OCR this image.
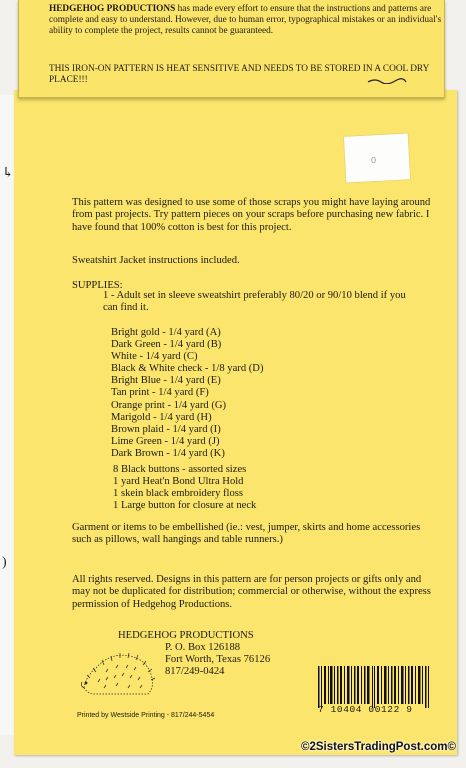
↳
)
HEDGEHOG PRODUCTIONS has made every effort to ensure that the instructions and patterns are complete and easy to understand. However, due to human error, typographical mistakes or an individual's ability to complete the project, results cannot be guaranteed.
THIS IRON-ON PATTERN IS HEAT SENSITIVE AND NEEDS TO BE STORED IN A COOL DRY PLACE!!!
0
This pattern was designed to use some of those scraps you might have laying around from past projects. Try pattern pieces on your scraps before purchasing new fabric. I have found that 100% cotton is best for this project.
Sweatshirt Jacket instructions included.
SUPPLIES:
1 - Adult set in sleeve sweatshirt preferably 80/20 or 90/10 blend if you can find it.
Bright gold - 1/4 yard (A)
Dark Green - 1/4 yard (B)
White - 1/4 yard (C)
Black & White check - 1/8 yard (D)
Bright Blue - 1/4 yard (E)
Tan print - 1/4 yard (F)
Orange print - 1/4 yard (G)
Marigold - 1/4 yard (H)
Brown plaid - 1/4 yard (I)
Lime Green - 1/4 yard (J)
Dark Brown - 1/4 yard (K)
8 Black buttons - assorted sizes
1 yard Heat'n Bond Ultra Hold
1 skein black embroidery floss
1 Large button for closure at neck
Garment or items to be embellished (ie.: vest, jumper, skirts and home accessories such as pillows, wall hangings and table runners.)
All rights reserved. Designs in this pattern are for person projects or gifts only and may not be duplicated for distribution; commercial or otherwise, without the express permission of Hedgehog Productions.
HEDGEHOG PRODUCTIONS
P. O. Box 126188
Fort Worth, Texas 76126
817/249-0424
7 10404 00122 9
Printed by Westside Printing - 817/244-5454
©2SistersTradingPost.com©
